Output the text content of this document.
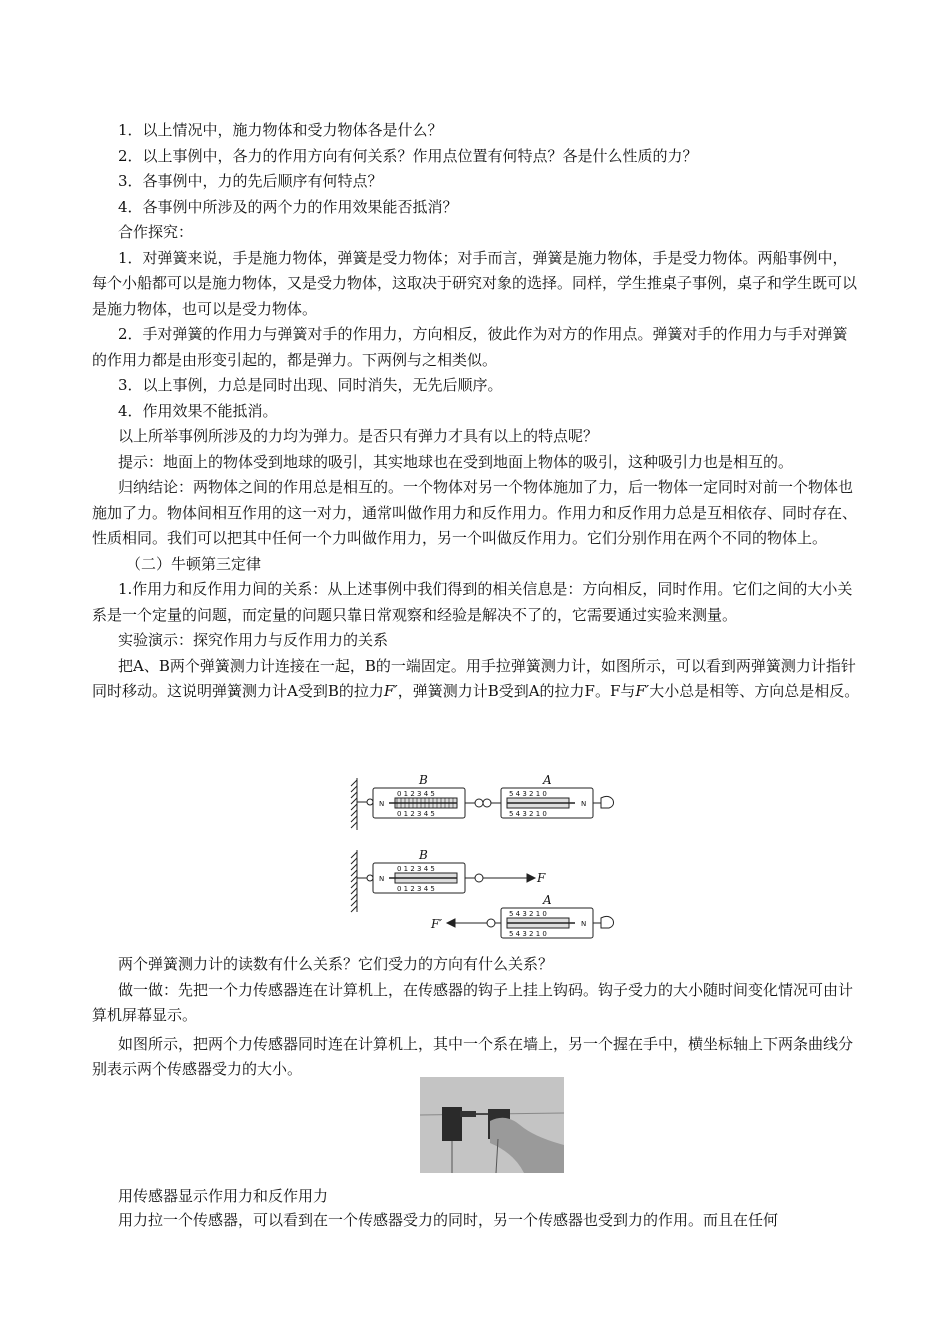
1．以上情况中，施力物体和受力物体各是什么？

2．以上事例中，各力的作用方向有何关系？作用点位置有何特点？各是什么性质的力？

3．各事例中，力的先后顺序有何特点？

4．各事例中所涉及的两个力的作用效果能否抵消？

合作探究：

1．对弹簧来说，手是施力物体，弹簧是受力物体；对手而言，弹簧是施力物体，手是受力物体。两船事例中，每个小船都可以是施力物体，又是受力物体，这取决于研究对象的选择。同样，学生推桌子事例，桌子和学生既可以是施力物体，也可以是受力物体。

2．手对弹簧的作用力与弹簧对手的作用力，方向相反，彼此作为对方的作用点。弹簧对手的作用力与手对弹簧的作用力都是由形变引起的，都是弹力。下两例与之相类似。

3．以上事例，力总是同时出现、同时消失，无先后顺序。

4．作用效果不能抵消。

以上所举事例所涉及的力均为弹力。是否只有弹力才具有以上的特点呢？

提示：地面上的物体受到地球的吸引，其实地球也在受到地面上物体的吸引，这种吸引力也是相互的。

归纳结论：两物体之间的作用总是相互的。一个物体对另一个物体施加了力，后一物体一定同时对前一个物体也施加了力。物体间相互作用的这一对力，通常叫做作用力和反作用力。作用力和反作用力总是互相依存、同时存在、性质相同。我们可以把其中任何一个力叫做作用力，另一个叫做反作用力。它们分别作用在两个不同的物体上。

（二）牛顿第三定律

1.作用力和反作用力间的关系：从上述事例中我们得到的相关信息是：方向相反，同时作用。它们之间的大小关系是一个定量的问题，而定量的问题只靠日常观察和经验是解决不了的，它需要通过实验来测量。

实验演示：探究作用力与反作用力的关系

把A、B两个弹簧测力计连接在一起，B的一端固定。用手拉弹簧测力计，如图所示，可以看到两弹簧测力计指针同时移动。这说明弹簧测力计A受到B的拉力F′，弹簧测力计B受到A的拉力F。F与F′大小总是相等、方向总是相反。

B	A
B
F
F′
A
N	N
N
N
0 1 2 3 4 5
0 1 2 3 4 5
5 4 3 2 1 0
5 4 3 2 1 0
0 1 2 3 4 5
0 1 2 3 4 5
5 4 3 2 1 0
5 4 3 2 1 0

两个弹簧测力计的读数有什么关系？它们受力的方向有什么关系？

做一做：先把一个力传感器连在计算机上，在传感器的钩子上挂上钩码。钩子受力的大小随时间变化情况可由计算机屏幕显示。

如图所示，把两个力传感器同时连在计算机上，其中一个系在墙上，另一个握在手中，横坐标轴上下两条曲线分别表示两个传感器受力的大小。

用传感器显示作用力和反作用力
用力拉一个传感器，可以看到在一个传感器受力的同时，另一个传感器也受到力的作用。而且在任何
